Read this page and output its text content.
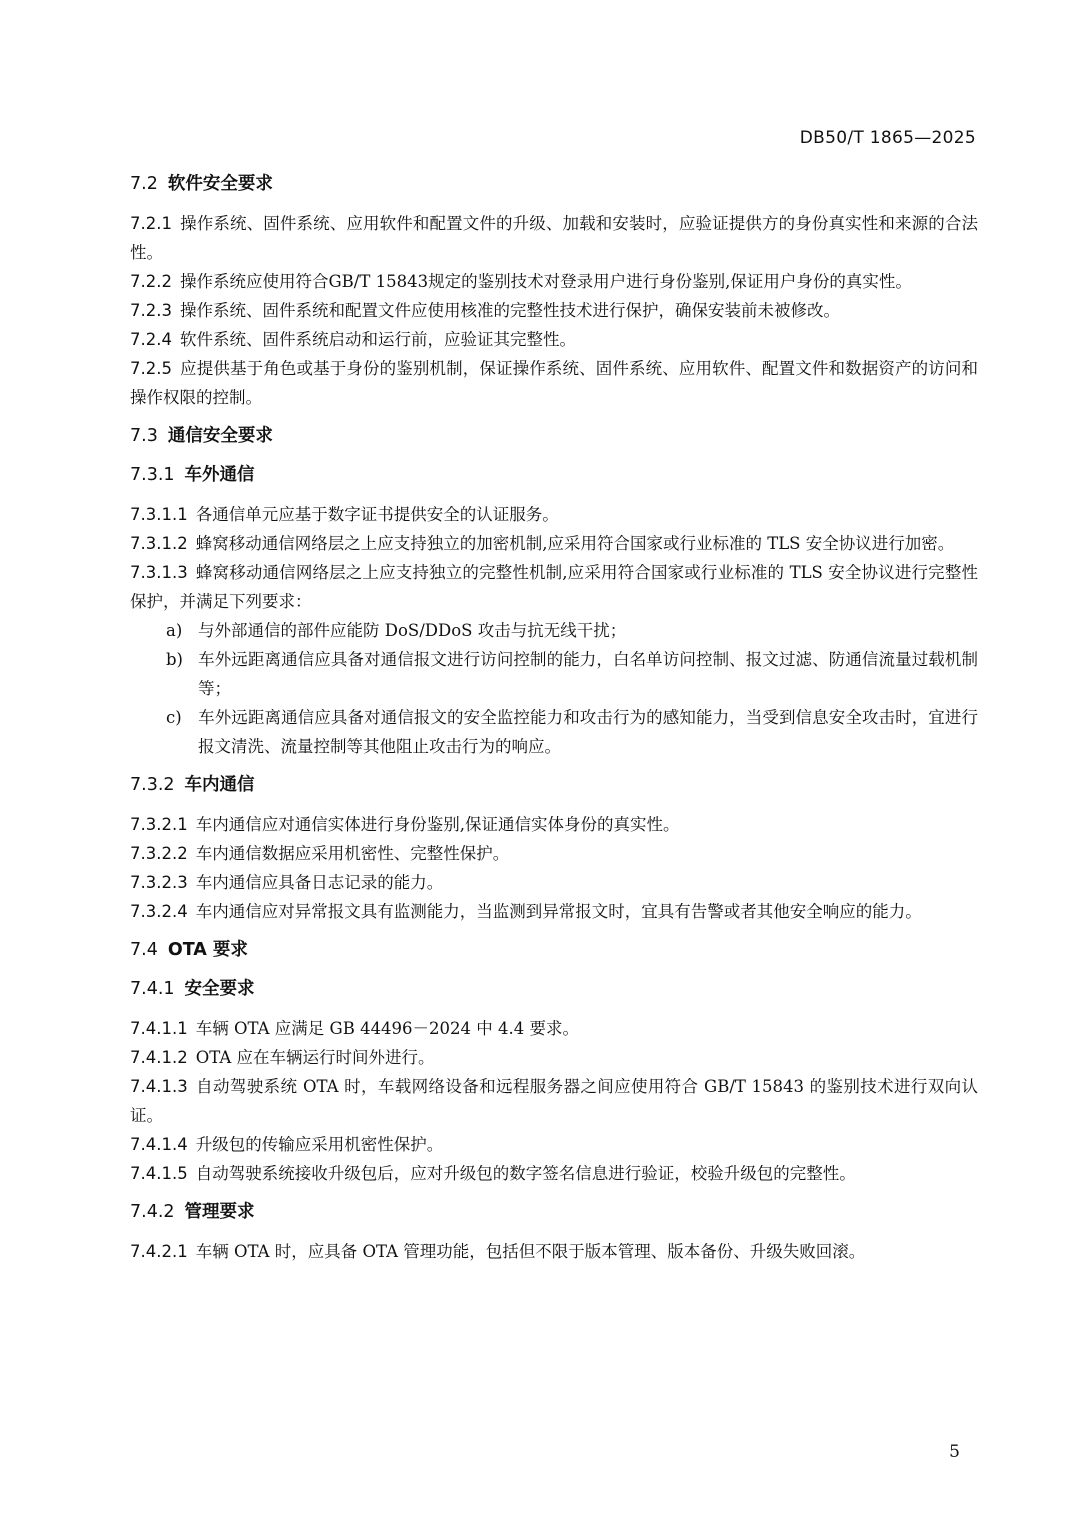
DB50/T 1865—2025

7.2 软件安全要求

7.2.1 操作系统、固件系统、应用软件和配置文件的升级、加载和安装时，应验证提供方的身份真实性和来源的合法性。

7.2.2 操作系统应使用符合GB/T 15843规定的鉴别技术对登录用户进行身份鉴别,保证用户身份的真实性。

7.2.3 操作系统、固件系统和配置文件应使用核准的完整性技术进行保护，确保安装前未被修改。

7.2.4 软件系统、固件系统启动和运行前，应验证其完整性。

7.2.5 应提供基于角色或基于身份的鉴别机制，保证操作系统、固件系统、应用软件、配置文件和数据资产的访问和操作权限的控制。

7.3 通信安全要求

7.3.1 车外通信

7.3.1.1 各通信单元应基于数字证书提供安全的认证服务。

7.3.1.2 蜂窝移动通信网络层之上应支持独立的加密机制,应采用符合国家或行业标准的 TLS 安全协议进行加密。

7.3.1.3 蜂窝移动通信网络层之上应支持独立的完整性机制,应采用符合国家或行业标准的 TLS 安全协议进行完整性保护，并满足下列要求：

a) 与外部通信的部件应能防 DoS/DDoS 攻击与抗无线干扰；

b) 车外远距离通信应具备对通信报文进行访问控制的能力，白名单访问控制、报文过滤、防通信流量过载机制等；

c) 车外远距离通信应具备对通信报文的安全监控能力和攻击行为的感知能力，当受到信息安全攻击时，宜进行报文清洗、流量控制等其他阻止攻击行为的响应。

7.3.2 车内通信

7.3.2.1 车内通信应对通信实体进行身份鉴别,保证通信实体身份的真实性。

7.3.2.2 车内通信数据应采用机密性、完整性保护。

7.3.2.3 车内通信应具备日志记录的能力。

7.3.2.4 车内通信应对异常报文具有监测能力，当监测到异常报文时，宜具有告警或者其他安全响应的能力。

7.4 OTA 要求

7.4.1 安全要求

7.4.1.1 车辆 OTA 应满足 GB 44496－2024 中 4.4 要求。

7.4.1.2 OTA 应在车辆运行时间外进行。

7.4.1.3 自动驾驶系统 OTA 时，车载网络设备和远程服务器之间应使用符合 GB/T 15843 的鉴别技术进行双向认证。

7.4.1.4 升级包的传输应采用机密性保护。

7.4.1.5 自动驾驶系统接收升级包后，应对升级包的数字签名信息进行验证，校验升级包的完整性。

7.4.2 管理要求

7.4.2.1 车辆 OTA 时，应具备 OTA 管理功能，包括但不限于版本管理、版本备份、升级失败回滚。

5
